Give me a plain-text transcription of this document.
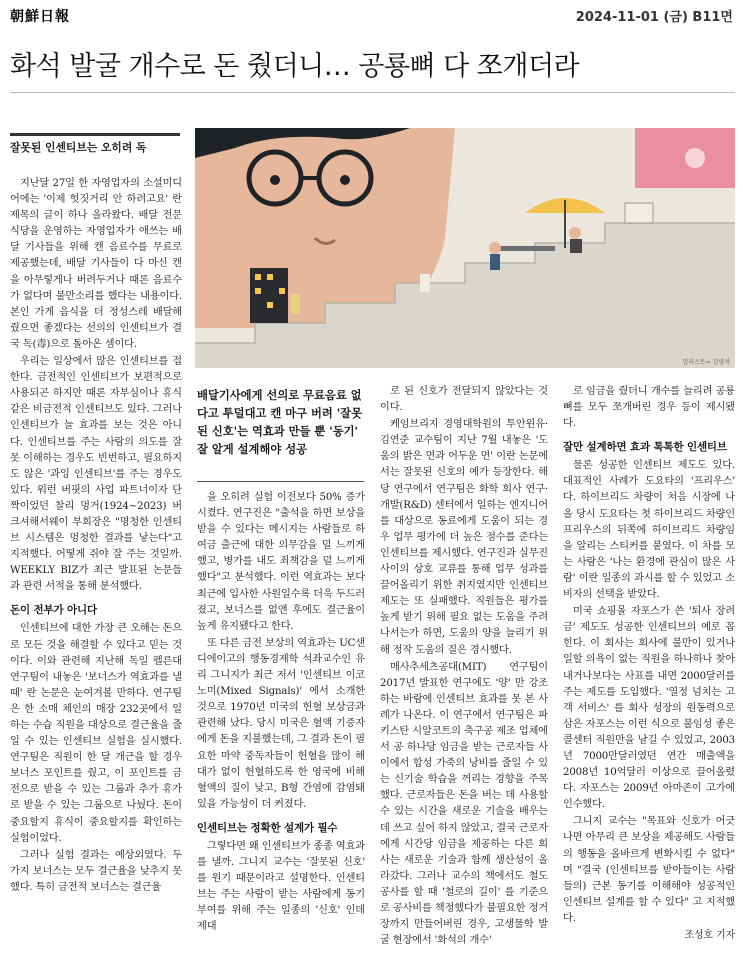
朝鮮日報	2024-11-01 (금) B11면
화석 발굴 개수로 돈 줬더니… 공룡뼈 다 쪼개더라
잘못된 인센티브는 오히려 독
일러스트= 김영석
배달기사에게 선의로 무료음료 없다고 투덜대고 캔 마구 버려 '잘못된 신호'는 역효과 만들 뿐 '동기' 잘 알게 설계해야 성공

지난달 27일 한 자영업자의 소셜미디어에는 '이제 헛짓거리 안 하려고요' 란 제목의 글이 하나 올라왔다. 배달 전문 식당을 운영하는 자영업자가 애쓰는 배달 기사들을 위해 캔 음료수를 무료로 제공했는데, 배달 기사들이 다 마신 캔을 아무렇게나 버려두거나 때론 음료수가 없다며 불만소리를 했다는 내용이다. 본인 가게 음식을 더 정성스레 배달해 줬으면 좋겠다는 선의의 인센티브가 결국 독(毒)으로 돌아온 셈이다.

우리는 일상에서 많은 인센티브를 접한다. 금전적인 인센티브가 보편적으로 사용되곤 하지만 때론 자부심이나 휴식 같은 비금전적 인센티브도 있다. 그러나 인센티브가 늘 효과를 보는 것은 아니다. 인센티브를 주는 사람의 의도를 잘못 이해하는 경우도 빈번하고, 필요하지도 않은 '과잉 인센티브'를 주는 경우도 있다. 워런 버핏의 사업 파트너이자 단짝이었던 찰리 멍거(1924~2023) 버크셔해서웨이 부회장은 "명청한 인센티브 시스템은 멍청한 결과를 낳는다"고 지적했다. 어떻게 쥐야 잘 주는 것일까. WEEKLY BIZ가 최근 발표된 논문들과 관련 서적을 통해 분석했다.

돈이 전부가 아니다

인센티브에 대한 가장 큰 오해는 돈으로 모든 것을 해결할 수 있다고 믿는 것이다. 이와 관련해 지난해 독일 펠른대 연구팀이 내놓은 '보너스가 역효과를 낼 때' 란 논문은 눈여겨볼 만하다. 연구팀은 한 소매 체인의 매장 232곳에서 일하는 수습 직원을 대상으로 결근율을 줄일 수 있는 인센티브 실험을 실시했다. 연구팀은 직원이 한 달 개근을 할 경우 보너스 포인트를 줬고, 이 포인트를 금전으로 받을 수 있는 그룹과 추가 휴가로 받을 수 있는 그룹으로 나눴다. 돈이 중요할지 휴식이 중요할지를 확인하는 실험이었다.

그러나 실험 결과는 예상외였다. 두 가지 보너스는 모두 결근율을 낮추지 못했다. 특히 금전적 보너스는 결근율

을 오히려 실험 이전보다 50% 증가시켰다. 연구진은 "출석을 하면 보상을 받을 수 있다는 메시지는 사람들로 하여금 출근에 대한 의무감을 덜 느끼게 했고, 병가를 내도 죄책감을 덜 느끼게 했다"고 분석했다. 이런 역효과는 보다 최근에 입사한 사원일수록 더욱 두드러졌고, 보너스를 없앤 후에도 결근율이 높게 유지됐다고 한다.

또 다른 금전 보상의 역효과는 UC샌디에이고의 행동경제학 석좌교수인 유리 그니지가 최근 저서 '인센티브 이코노미(Mixed Signals)' 에서 소개한 것으로 1970년 미국의 헌혈 보상금과 관련해 났다. 당시 미국은 혈액 기증자에게 돈을 지불했는데, 그 결과 돈이 필요한 마약 중독자들이 헌혈을 많이 해 대가 없이 헌혈하도록 한 영국에 비해 혈액의 질이 낮고, B형 간염에 감염돼 있을 가능성이 더 커졌다.

인센티브는 정확한 설계가 필수

그렇다면 왜 인센티브가 종종 역효과를 낼까. 그니지 교수는 '잘못된 신호' 를 원기 때문이라고 설명한다. 인센티브는 주는 사람이 받는 사람에게 동기 부여를 위해 주는 일종의 '신호' 인데 제대

로 된 신호가 전달되지 않았다는 것이다.

케임브리지 경영대학원의 투안윈유·김연준 교수팀이 지난 7월 내놓은 '도움의 밝은 면과 어두운 면' 이란 논문에서는 잘못된 신호의 예가 등장한다. 해당 연구에서 연구팀은 화학 회사 연구·개발(R&D) 센터에서 일하는 엔지니어를 대상으로 동료에게 도움이 되는 경우 업무 평가에 더 높은 점수를 준다는 인센티브를 제시했다. 연구진과 실무진 사이의 상호 교류를 통해 업무 성과를 끌어올리기 위한 취지였지만 인센티브 제도는 또 실패했다. 직원들은 평가를 높게 받기 위해 필요 없는 도움을 주려 나서는가 하면, 도움의 양을 늘리기 위해 정작 도움의 질은 경시했다.

매사추세츠공대(MIT) 연구팀이 2017년 발표한 연구에도 '양' 만 강조하는 바람에 인센티브 효과를 못 본 사례가 나온다. 이 연구에서 연구팀은 파키스탄 시알코트의 축구공 제조 업체에서 공 하나당 임금을 받는 근로자들 사이에서 합성 가죽의 낭비를 줄일 수 있는 신기술 학습을 꺼리는 경향을 주목했다. 근로자들은 돈을 버는 데 사용할 수 있는 시간을 새로운 기술을 배우는 데 쓰고 싶어 하지 않았고, 결국 근로자에게 시간당 임금을 제공하는 다른 회사는 새로운 기술과 함께 생산성이 올라갔다. 그러나 교수의 책에서도 철도 공사를 할 때 '철로의 길이' 를 기준으로 공사비를 책정했다가 불필요한 정거장까지 만들어버린 경우, 고생물학 발굴 현장에서 '화석의 개수'

로 임금을 줬더니 개수를 늘리려 공룡 뼈를 모두 쪼개버린 경우 등이 제시됐다.

잘만 설계하면 효과 톡톡한 인센티브

물론 성공한 인센티브 제도도 있다. 대표적인 사례가 도요타의 '프리우스' 다. 하이브리드 차량이 처음 시장에 나올 당시 도요타는 첫 하이브리드 차량인 프리우스의 뒤쪽에 하이브리드 차량임을 알리는 스티커를 붙였다. 이 차를 모는 사람은 '나는 환경에 관심이 많은 사람' 이란 일종의 과시를 할 수 있었고 소비자의 선택을 받았다.

미국 쇼핑몰 자포스가 쓴 '퇴사 장려금' 제도도 성공한 인센티브의 예로 꼽힌다. 이 회사는 회사에 불만이 있거나 일할 의욕이 없는 직원을 하나하나 찾아내거나보다는 사표를 내면 2000달러를 주는 제도를 도입했다. '열정 넘치는 고객 서비스' 를 회사 성장의 원동력으로 삼은 자포스는 이런 식으로 불임성 좋은 콜센터 직원만을 남길 수 있었고, 2003년 7000만달러였던 연간 매출액을 2008년 10억달러 이상으로 끌어올렸다. 자포스는 2009년 아마존이 고가에 인수했다.

그니지 교수는 "목표와 신호가 어긋나면 아무리 큰 보상을 제공해도 사람들의 행동을 올바르게 변화시킬 수 없다" 며 "결국 (인센티브를 받아들이는 사람들의) 근본 동기를 이해해야 성공적인 인센티브 설계를 할 수 있다" 고 지적했다.

조성호 기자
